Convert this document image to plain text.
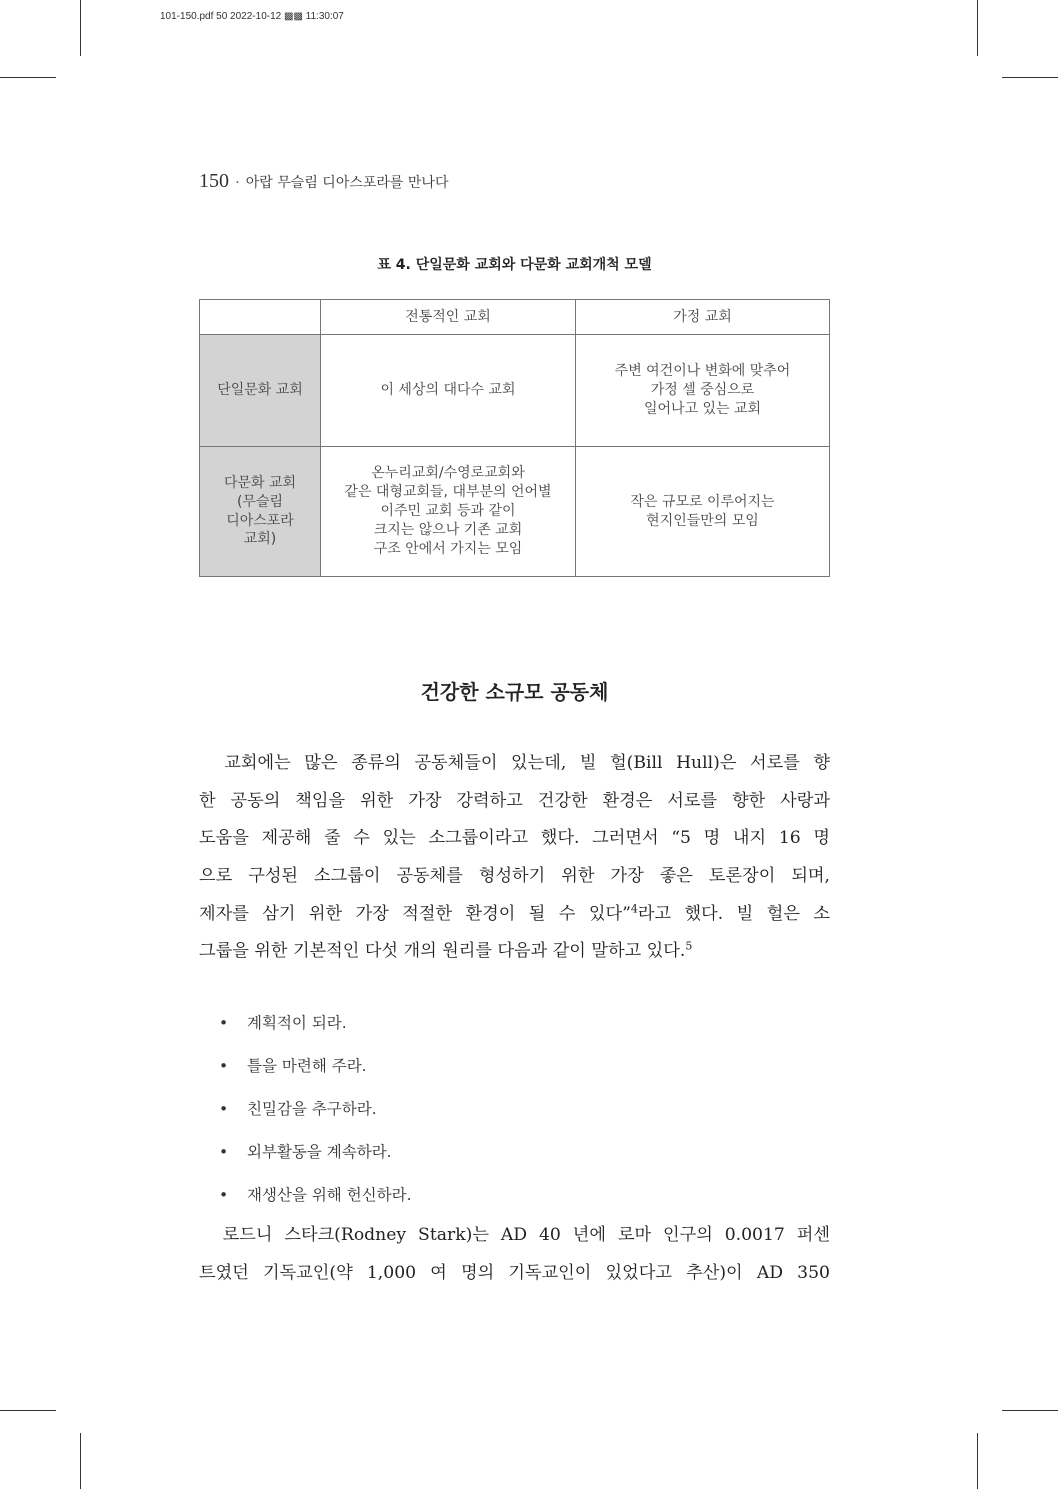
101-150.pdf 50 2022-10-12 ▩▩ 11:30:07
150 · 아랍 무슬림 디아스포라를 만나다
표 4. 단일문화 교회와 다문화 교회개척 모델
	전통적인 교회	가정 교회

단일문화 교회	이 세상의 대다수 교회	주변 여건이나 변화에 맞추어
가정 셀 중심으로
일어나고 있는 교회

다문화 교회
(무슬림
디아스포라
교회)	온누리교회/수영로교회와
같은 대형교회들, 대부분의 언어별
이주민 교회 등과 같이
크지는 않으나 기존 교회
구조 안에서 가지는 모임	작은 규모로 이루어지는
현지인들만의 모임
건강한 소규모 공동체
　교회에는 많은 종류의 공동체들이 있는데, 빌 헐(Bill Hull)은 서로를 향
한 공동의 책임을 위한 가장 강력하고 건강한 환경은 서로를 향한 사랑과
도움을 제공해 줄 수 있는 소그룹이라고 했다. 그러면서 “5 명 내지 16 명
으로 구성된 소그룹이 공동체를 형성하기 위한 가장 좋은 토론장이 되며,
제자를 삼기 위한 가장 적절한 환경이 될 수 있다”$^4$라고 했다. 빌 헐은 소
그룹을 위한 기본적인 다섯 개의 원리를 다음과 같이 말하고 있다.$^5$
• 계획적이 되라.
• 틀을 마련해 주라.
• 친밀감을 추구하라.
• 외부활동을 계속하라.
• 재생산을 위해 헌신하라.
　로드니 스타크(Rodney Stark)는 AD 40 년에 로마 인구의 0.0017 퍼센
트였던 기독교인(약 1,000 여 명의 기독교인이 있었다고 추산)이 AD 350
